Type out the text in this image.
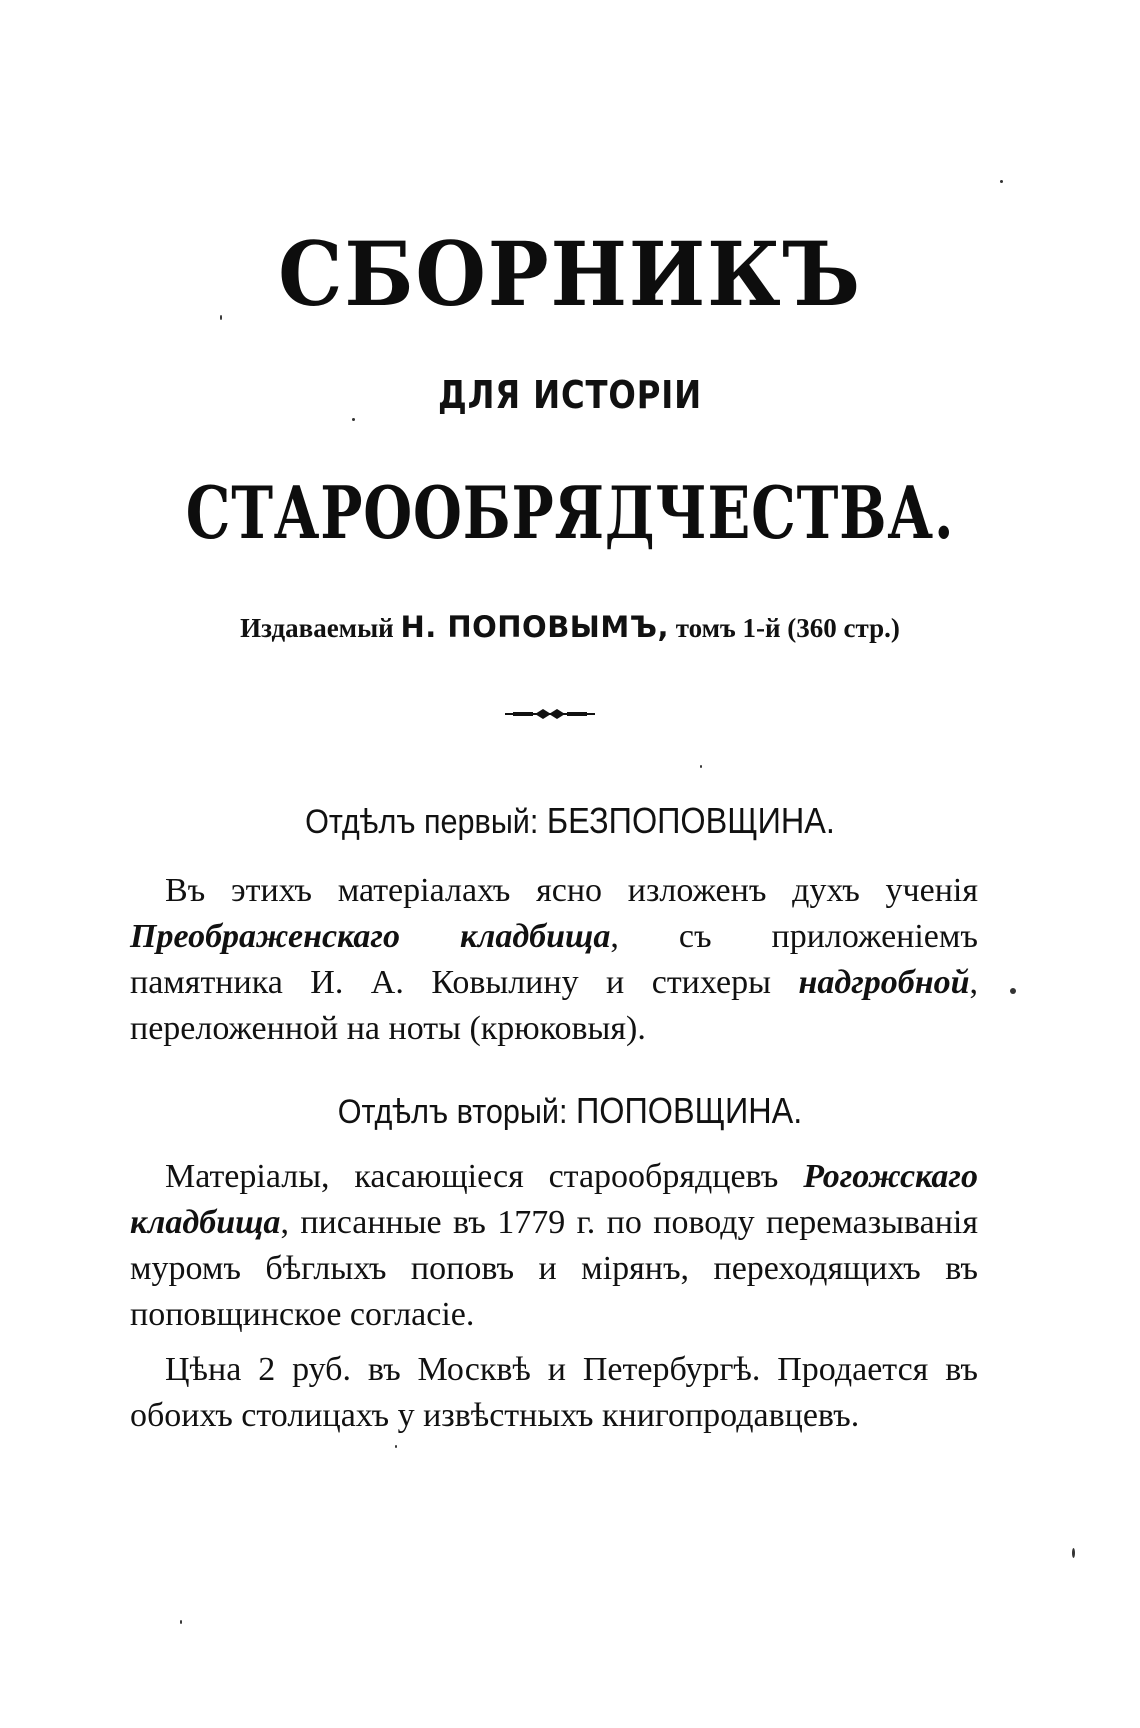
СБОРНИКЪ
ДЛЯ ИСТОРІИ
СТАРООБРЯДЧЕСТВА.
Издаваемый Н. ПОПОВЫМЪ, томъ 1-й (360 стр.)
Отдѣлъ первый: БЕЗПОПОВЩИНА.
Въ этихъ матеріалахъ ясно изложенъ духъ ученія Преображенскаго кладбища, съ приложеніемъ памятника И. А. Ковылину и стихеры надгробной, переложенной на ноты (крюковыя).
Отдѣлъ вторый: ПОПОВЩИНА.
Матеріалы, касающіеся старообрядцевъ Рогожскаго кладбища, писанные въ 1779 г. по поводу перемазыванія муромъ бѣглыхъ поповъ и мірянъ, переходящихъ въ поповщинское согласіе.
Цѣна 2 руб. въ Москвѣ и Петербургѣ. Продается въ обоихъ столицахъ у извѣстныхъ книгопродавцевъ.
